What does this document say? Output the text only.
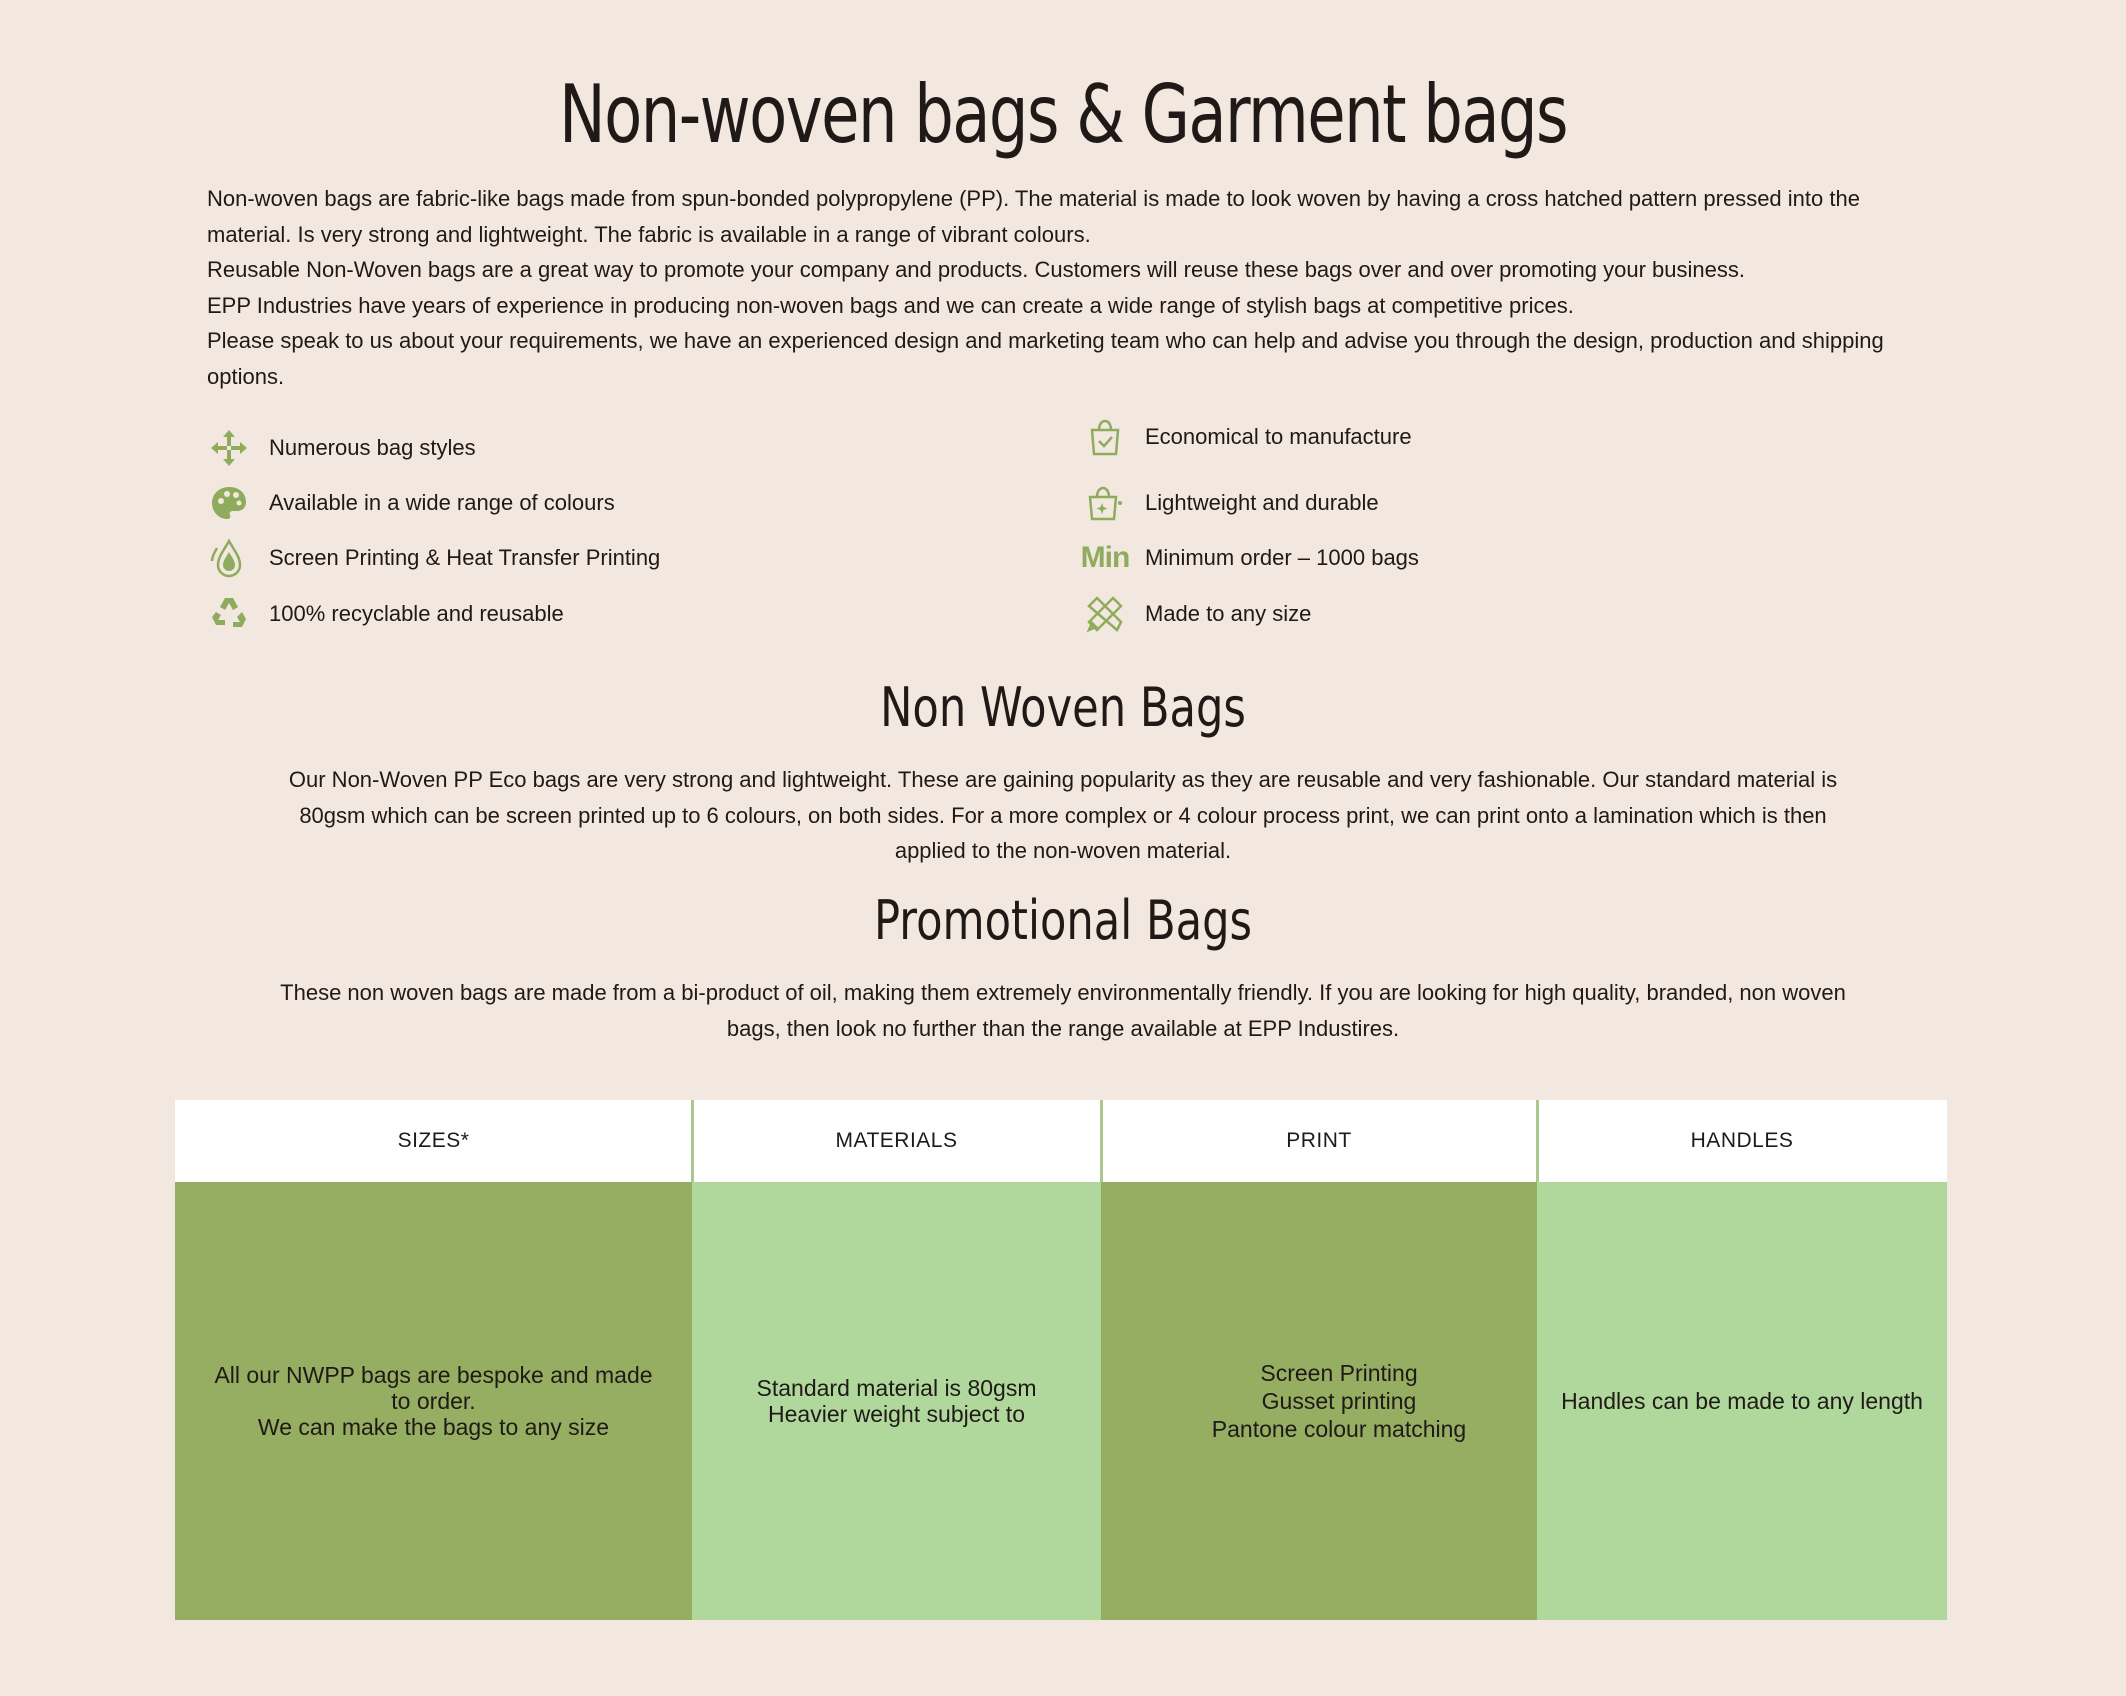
Non-woven bags & Garment bags

Non-woven bags are fabric-like bags made from spun-bonded polypropylene (PP). The material is made to look woven by having a cross hatched pattern pressed into the material. Is very strong and lightweight. The fabric is available in a range of vibrant colours.

Reusable Non-Woven bags are a great way to promote your company and products. Customers will reuse these bags over and over promoting your business.

EPP Industries have years of experience in producing non-woven bags and we can create a wide range of stylish bags at competitive prices.

Please speak to us about your requirements, we have an experienced design and marketing team who can help and advise you through the design, production and shipping options.

Numerous bag styles
Available in a wide range of colours
Screen Printing & Heat Transfer Printing
100% recyclable and reusable
Economical to manufacture
Lightweight and durable
Min Minimum order – 1000 bags
Made to any size
Non Woven Bags
Our Non-Woven PP Eco bags are very strong and lightweight. These are gaining popularity as they are reusable and very fashionable. Our standard material is
80gsm which can be screen printed up to 6 colours, on both sides. For a more complex or 4 colour process print, we can print onto a lamination which is then
applied to the non-woven material.
Promotional Bags
These non woven bags are made from a bi-product of oil, making them extremely environmentally friendly. If you are looking for high quality, branded, non woven
bags, then look no further than the range available at EPP Industires.
SIZES*
All our NWPP bags are bespoke and made
to order.
We can make the bags to any size
MATERIALS
Standard material is 80gsm
Heavier weight subject to
PRINT
Screen Printing
Gusset printing
Pantone colour matching
HANDLES
Handles can be made to any length
